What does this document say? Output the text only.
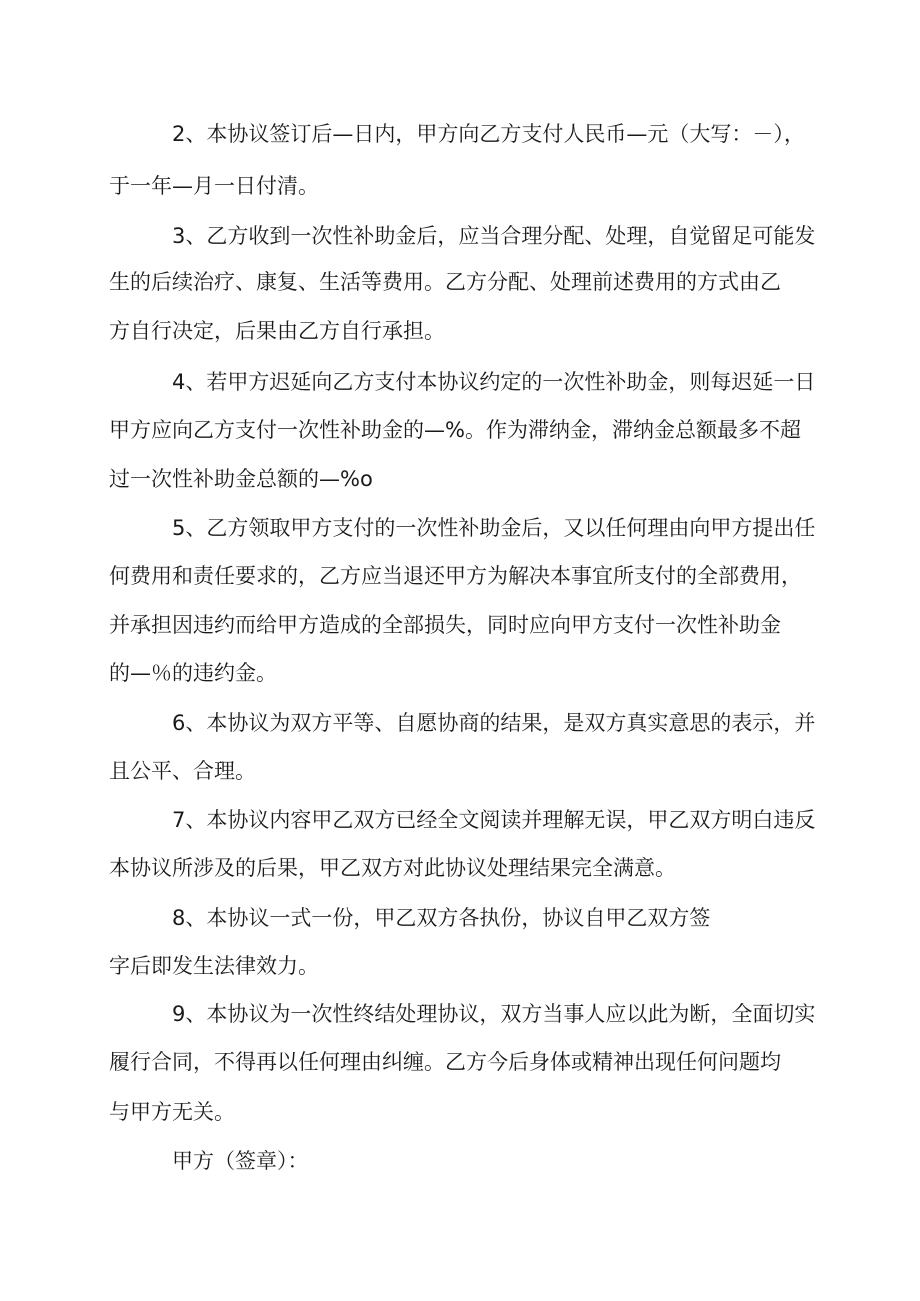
2、本协议签订后—日内，甲方向乙方支付人民币—元（大写：－），
于一年—月一日付清。
3、乙方收到一次性补助金后，应当合理分配、处理，自觉留足可能发
生的后续治疗、康复、生活等费用。乙方分配、处理前述费用的方式由乙
方自行决定，后果由乙方自行承担。
4、若甲方迟延向乙方支付本协议约定的一次性补助金，则每迟延一日
甲方应向乙方支付一次性补助金的—%。作为滞纳金，滞纳金总额最多不超
过一次性补助金总额的—%o
5、乙方领取甲方支付的一次性补助金后，又以任何理由向甲方提出任
何费用和责任要求的，乙方应当退还甲方为解决本事宜所支付的全部费用，
并承担因违约而给甲方造成的全部损失，同时应向甲方支付一次性补助金
的—％的违约金。
6、本协议为双方平等、自愿协商的结果，是双方真实意思的表示，并
且公平、合理。
7、本协议内容甲乙双方已经全文阅读并理解无误，甲乙双方明白违反
本协议所涉及的后果，甲乙双方对此协议处理结果完全满意。
8、本协议一式一份，甲乙双方各执份，协议自甲乙双方签
字后即发生法律效力。
9、本协议为一次性终结处理协议，双方当事人应以此为断，全面切实
履行合同，不得再以任何理由纠缠。乙方今后身体或精神出现任何问题均
与甲方无关。
甲方（签章）：
